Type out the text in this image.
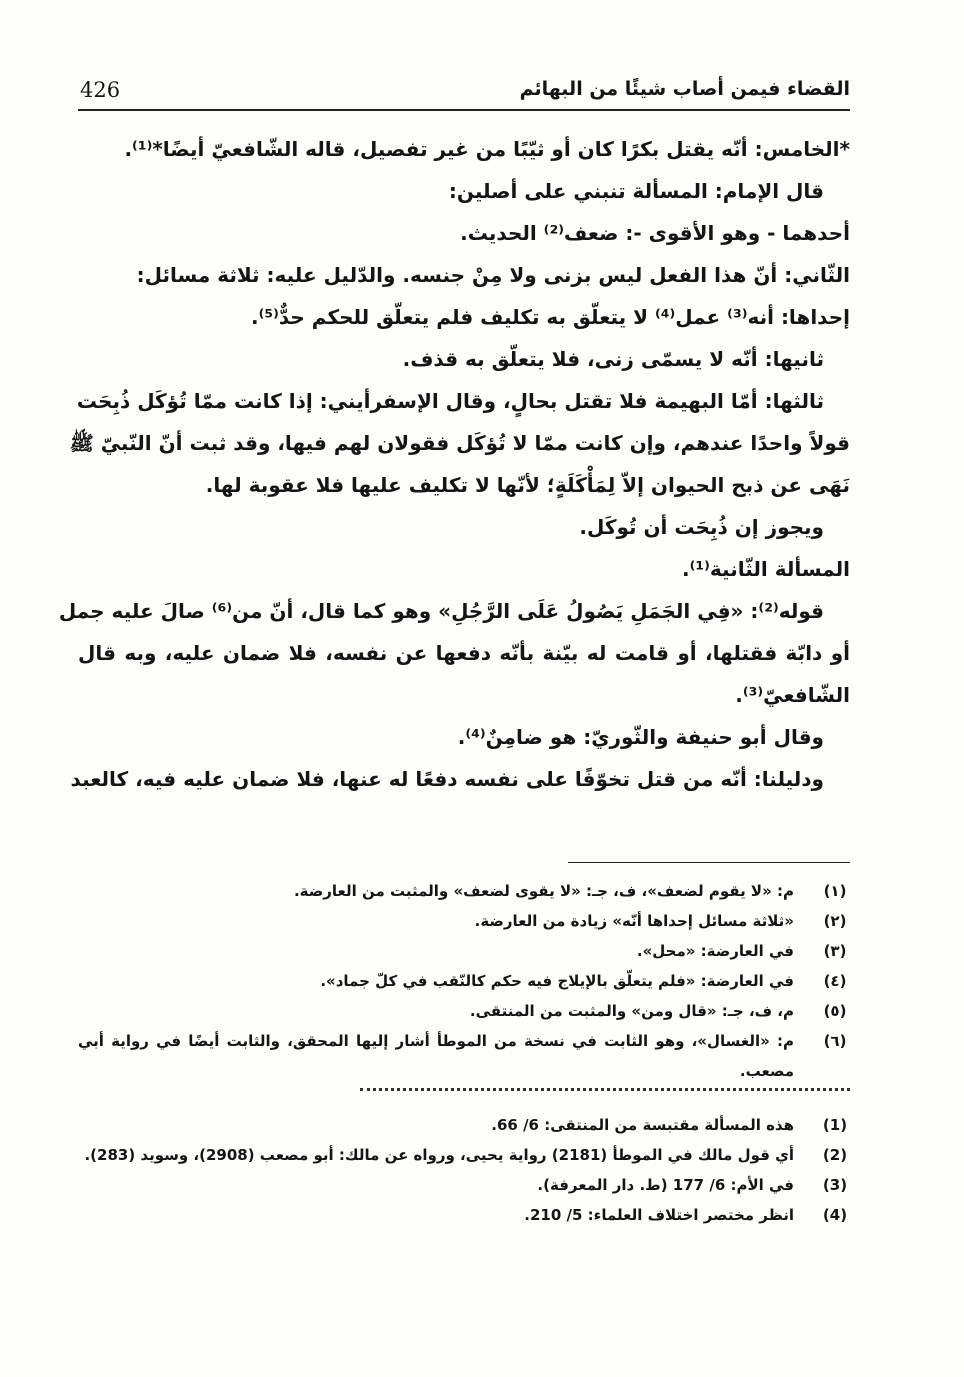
426	القضاء فيمن أصاب شيئًا من البهائم
*الخامس: أنّه يقتل بكرًا كان أو ثيّبًا من غير تفصيل، قاله الشّافعيّ أيضًا*⁽¹⁾.
قال الإمام: المسألة تنبني على أصلين:
أحدهما - وهو الأقوى -: ضعف⁽²⁾ الحديث.
الثّاني: أنّ هذا الفعل ليس بزنى ولا مِنْ جنسه. والدّليل عليه: ثلاثة مسائل:
إحداها: أنه⁽³⁾ عمل⁽⁴⁾ لا يتعلّق به تكليف فلم يتعلّق للحكم حدٌّ⁽⁵⁾.
ثانيها: أنّه لا يسمّى زنى، فلا يتعلّق به قذف.
ثالثها: أمّا البهيمة فلا تقتل بحالٍ، وقال الإسفرأيني: إذا كانت ممّا تُؤكَل ذُبِحَت
قولاً واحدًا عندهم، وإن كانت ممّا لا تُؤكَل فقولان لهم فيها، وقد ثبت أنّ النّبيّ ﷺ
نَهَى عن ذبح الحيوان إلاّ لِمَأْكَلَةٍ؛ لأنّها لا تكليف عليها فلا عقوبة لها.
ويجوز إن ذُبِحَت أن تُوكَل.
المسألة الثّانية⁽¹⁾.
قوله⁽²⁾: «فِي الجَمَلِ يَصُولُ عَلَى الرَّجُلِ» وهو كما قال، أنّ من⁽⁶⁾ صالَ عليه جمل
أو دابّة فقتلها، أو قامت له بيّنة بأنّه دفعها عن نفسه، فلا ضمان عليه، وبه قال
الشّافعيّ⁽³⁾.
وقال أبو حنيفة والثّوريّ: هو ضامِنٌ⁽⁴⁾.
ودليلنا: أنّه من قتل تخوّفًا على نفسه دفعًا له عنها، فلا ضمان عليه فيه، كالعبد
(١)
م: «لا يقوم لضعف»، ف، جـ: «لا يقوى لضعف» والمثبت من العارضة.
(٢)
«ثلاثة مسائل إحداها أنّه» زيادة من العارضة.
(٣)
في العارضة: «محل».
(٤)
في العارضة: «فلم يتعلّق بالإيلاج فيه حكم كالنّقب في كلّ جماد».
(٥)
م، ف، جـ: «قال ومن» والمثبت من المنتقى.
(٦)
م: «الغسال»، وهو الثابت في نسخة من الموطأ أشار إليها المحقق، والثابت أيضًا في رواية أبي مصعب.
(1)
هذه المسألة مقتبسة من المنتقى: 6/ 66.
(2)
أي قول مالك في الموطأ (2181) رواية يحيى، ورواه عن مالك: أبو مصعب (2908)، وسويد (283).
(3)
في الأم: 6/ 177 (ط. دار المعرفة).
(4)
انظر مختصر اختلاف العلماء: 5/ 210.
